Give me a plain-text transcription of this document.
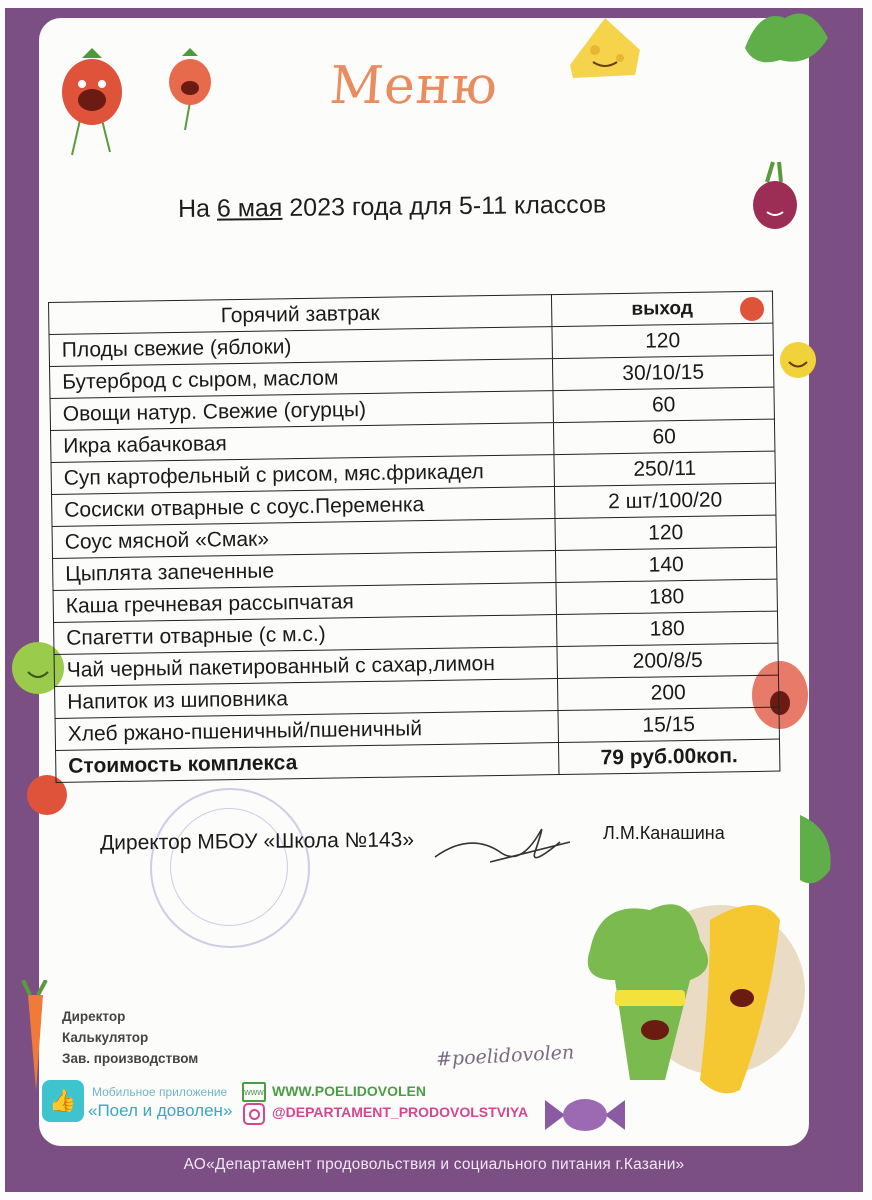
АО«Департамент продовольствия и социального питания г.Казани»
Меню
На 6 мая 2023 года для 5-11 классов
Горячий завтрак	выход
Плоды свежие (яблоки)	120
Бутерброд с сыром, маслом	30/10/15
Овощи натур. Свежие (огурцы)	60
Икра кабачковая	60
Суп картофельный с рисом, мяс.фрикадел	250/11
Сосиски отварные с соус.Переменка	2 шт/100/20
Соус мясной «Смак»	120
Цыплята запеченные	140
Каша гречневая рассыпчатая	180
Спагетти отварные (с м.с.)	180
Чай черный пакетированный с сахар,лимон	200/8/5
Напиток из шиповника	200
Хлеб ржано-пшеничный/пшеничный	15/15
Стоимость комплекса	79 руб.00коп.
Директор МБОУ «Школа №143»	Л.М.Канашина
Директор
Калькулятор
Зав. производством	#poelidovolen
👍	Мобильное приложение
«Поел и доволен»
www WWW.POELIDOVOLEN
@DEPARTAMENT_PRODOVOLSTVIYA
